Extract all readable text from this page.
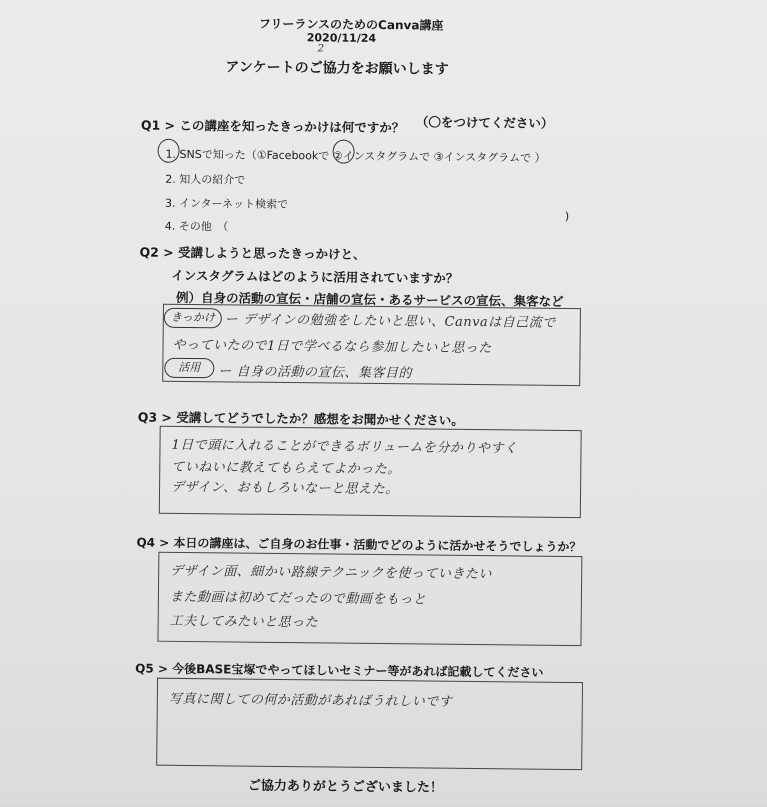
フリーランスのためのCanva講座
2020/11/24
2
アンケートのご協力をお願いします
Q1 > この講座を知ったきっかけは何ですか？ （〇をつけてください）
1. SNSで知った（①Facebookで ②インスタグラムで ③インスタグラムで ）
2. 知人の紹介で
3. インターネット検索で
4. その他　（
)
Q2 > 受講しようと思ったきっかけと、
インスタグラムはどのように活用されていますか？
例）自身の活動の宣伝・店舗の宣伝・あるサービスの宣伝、集客など
きっかけ ー デザインの勉強をしたいと思い、Canvaは自己流で
やっていたので1日で学べるなら参加したいと思った
活用	ー 自身の活動の宣伝、集客目的
Q3 > 受講してどうでしたか？感想をお聞かせください。
1日で頭に入れることができるボリュームを分かりやすく
ていねいに教えてもらえてよかった。
デザイン、おもしろいなーと思えた。
Q4 > 本日の講座は、ご自身のお仕事・活動でどのように活かせそうでしょうか？
デザイン面、細かい路線テクニックを使っていきたい
また動画は初めてだったので動画をもっと
工夫してみたいと思った
Q5 > 今後BASE宝塚でやってほしいセミナー等があれば記載してください
写真に関しての何か活動があればうれしいです
ご協力ありがとうございました！
